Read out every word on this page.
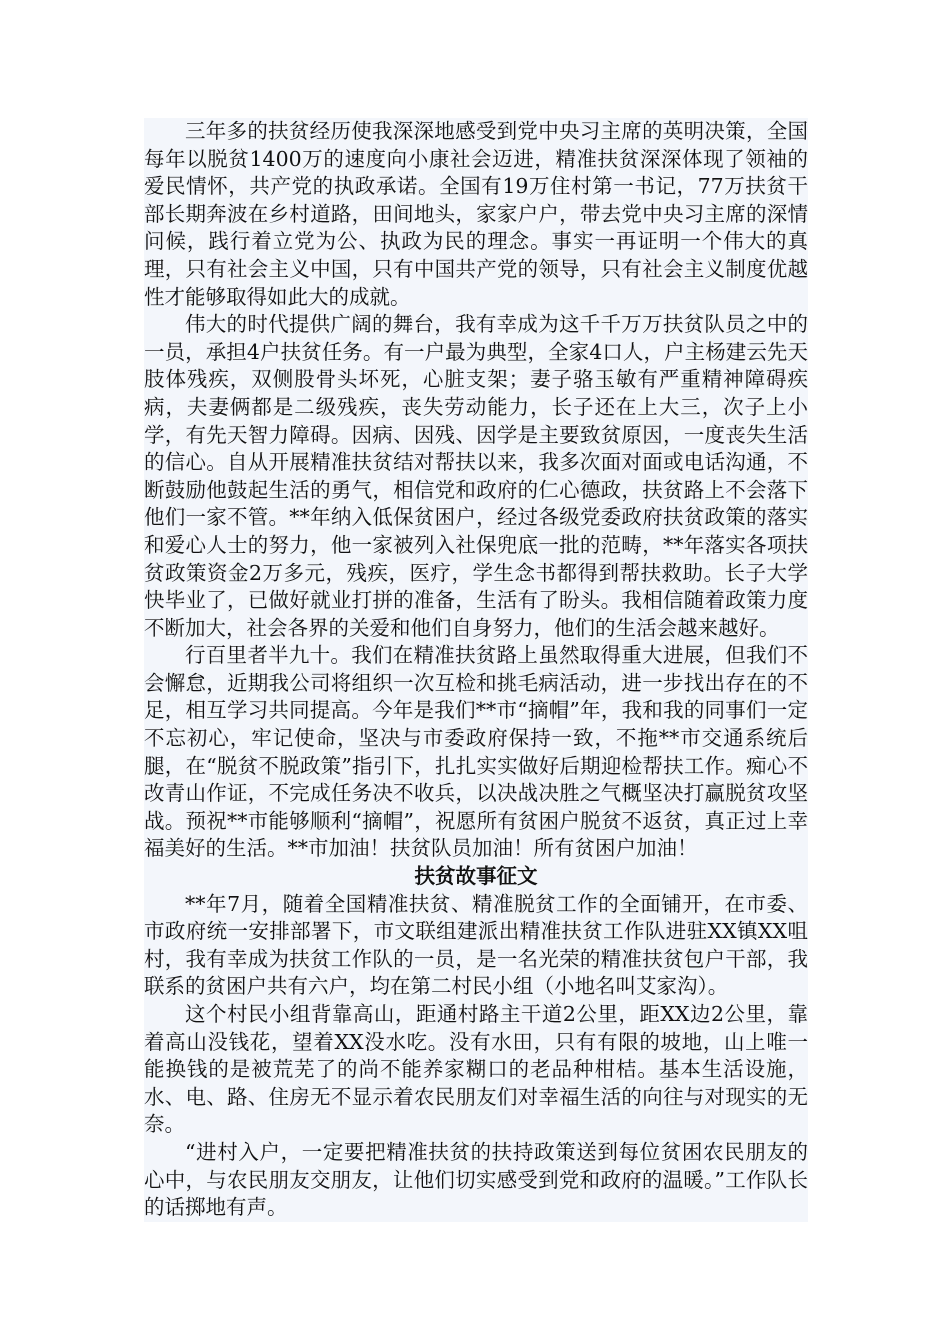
三年多的扶贫经历使我深深地感受到党中央习主席的英明决策，全国每年以脱贫1400万的速度向小康社会迈进，精准扶贫深深体现了领袖的爱民情怀，共产党的执政承诺。全国有19万住村第一书记，77万扶贫干部长期奔波在乡村道路，田间地头，家家户户，带去党中央习主席的深情问候，践行着立党为公、执政为民的理念。事实一再证明一个伟大的真理，只有社会主义中国，只有中国共产党的领导，只有社会主义制度优越性才能够取得如此大的成就。

伟大的时代提供广阔的舞台，我有幸成为这千千万万扶贫队员之中的一员，承担4户扶贫任务。有一户最为典型，全家4口人，户主杨建云先天肢体残疾，双侧股骨头坏死，心脏支架；妻子骆玉敏有严重精神障碍疾病，夫妻俩都是二级残疾，丧失劳动能力，长子还在上大三，次子上小学，有先天智力障碍。因病、因残、因学是主要致贫原因，一度丧失生活的信心。自从开展精准扶贫结对帮扶以来，我多次面对面或电话沟通，不断鼓励他鼓起生活的勇气，相信党和政府的仁心德政，扶贫路上不会落下他们一家不管。**年纳入低保贫困户，经过各级党委政府扶贫政策的落实和爱心人士的努力，他一家被列入社保兜底一批的范畴，**年落实各项扶贫政策资金2万多元，残疾，医疗，学生念书都得到帮扶救助。长子大学快毕业了，已做好就业打拼的准备，生活有了盼头。我相信随着政策力度不断加大，社会各界的关爱和他们自身努力，他们的生活会越来越好。

行百里者半九十。我们在精准扶贫路上虽然取得重大进展，但我们不会懈怠，近期我公司将组织一次互检和挑毛病活动，进一步找出存在的不足，相互学习共同提高。今年是我们**市“摘帽”年，我和我的同事们一定不忘初心，牢记使命，坚决与市委政府保持一致，不拖**市交通系统后腿，在“脱贫不脱政策”指引下，扎扎实实做好后期迎检帮扶工作。痴心不改青山作证，不完成任务决不收兵，以决战决胜之气概坚决打赢脱贫攻坚战。预祝**市能够顺利“摘帽”，祝愿所有贫困户脱贫不返贫，真正过上幸福美好的生活。**市加油！扶贫队员加油！所有贫困户加油！

扶贫故事征文

**年7月，随着全国精准扶贫、精准脱贫工作的全面铺开，在市委、市政府统一安排部署下，市文联组建派出精准扶贫工作队进驻XX镇XX咀村，我有幸成为扶贫工作队的一员，是一名光荣的精准扶贫包户干部，我联系的贫困户共有六户，均在第二村民小组（小地名叫艾家沟）。

这个村民小组背靠高山，距通村路主干道2公里，距XX边2公里，靠着高山没钱花，望着XX没水吃。没有水田，只有有限的坡地，山上唯一能换钱的是被荒芜了的尚不能养家糊口的老品种柑桔。基本生活设施，水、电、路、住房无不显示着农民朋友们对幸福生活的向往与对现实的无奈。

“进村入户，一定要把精准扶贫的扶持政策送到每位贫困农民朋友的心中，与农民朋友交朋友，让他们切实感受到党和政府的温暖。”工作队长的话掷地有声。
